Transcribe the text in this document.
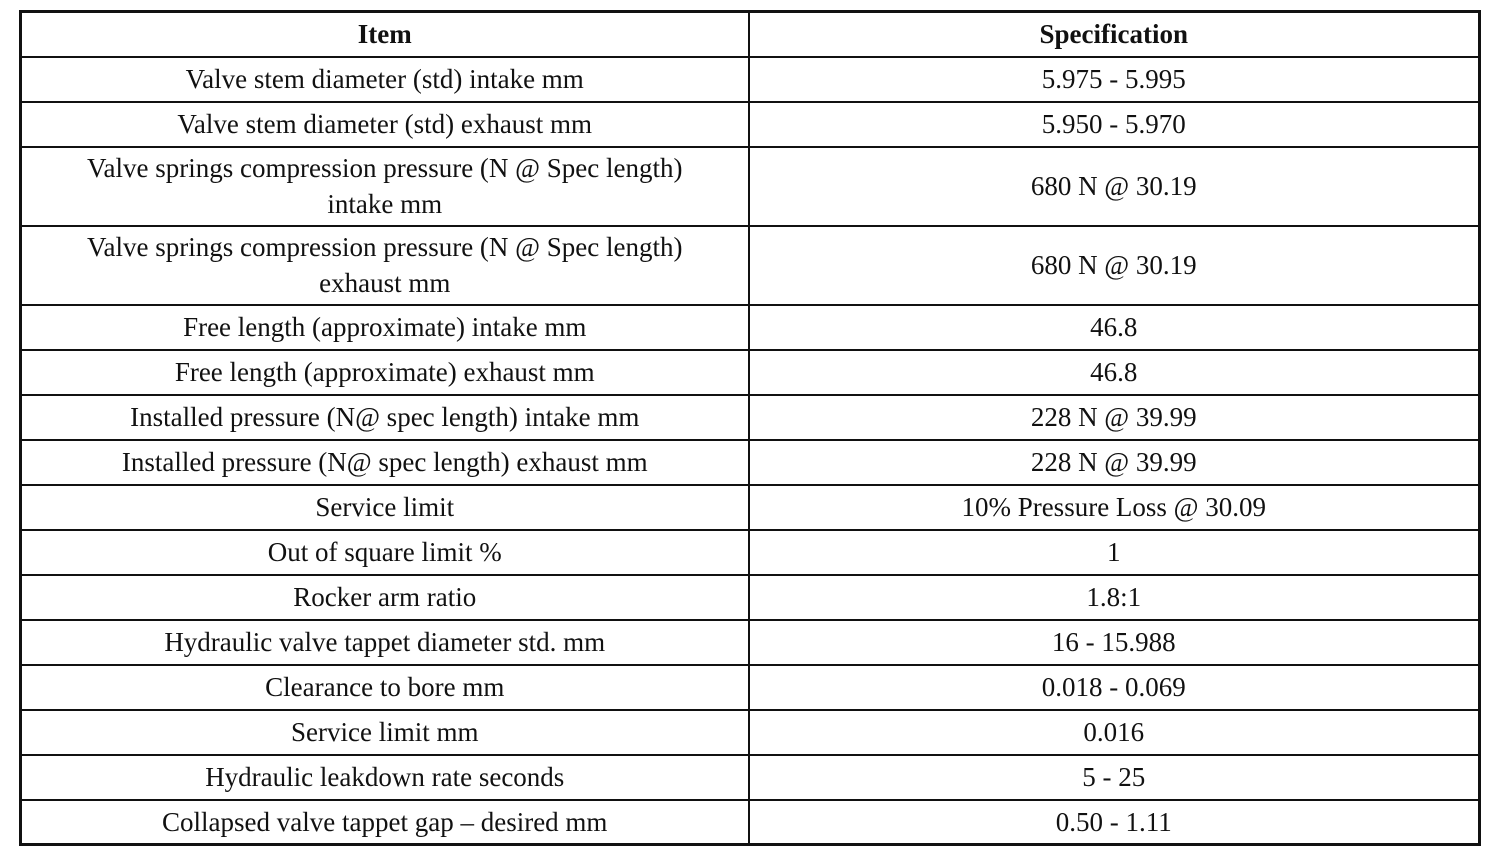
Item	Specification
Valve stem diameter (std) intake mm	5.975 - 5.995
Valve stem diameter (std) exhaust mm	5.950 - 5.970
Valve springs compression pressure (N @ Spec length) intake mm	680 N @ 30.19
Valve springs compression pressure (N @ Spec length) exhaust mm	680 N @ 30.19
Free length (approximate) intake mm	46.8
Free length (approximate) exhaust mm	46.8
Installed pressure (N@ spec length) intake mm	228 N @ 39.99
Installed pressure (N@ spec length) exhaust mm	228 N @ 39.99
Service limit	10% Pressure Loss @ 30.09
Out of square limit %	1
Rocker arm ratio	1.8:1
Hydraulic valve tappet diameter std. mm	16 - 15.988
Clearance to bore mm	0.018 - 0.069
Service limit mm	0.016
Hydraulic leakdown rate seconds	5 - 25
Collapsed valve tappet gap – desired mm	0.50 - 1.11
